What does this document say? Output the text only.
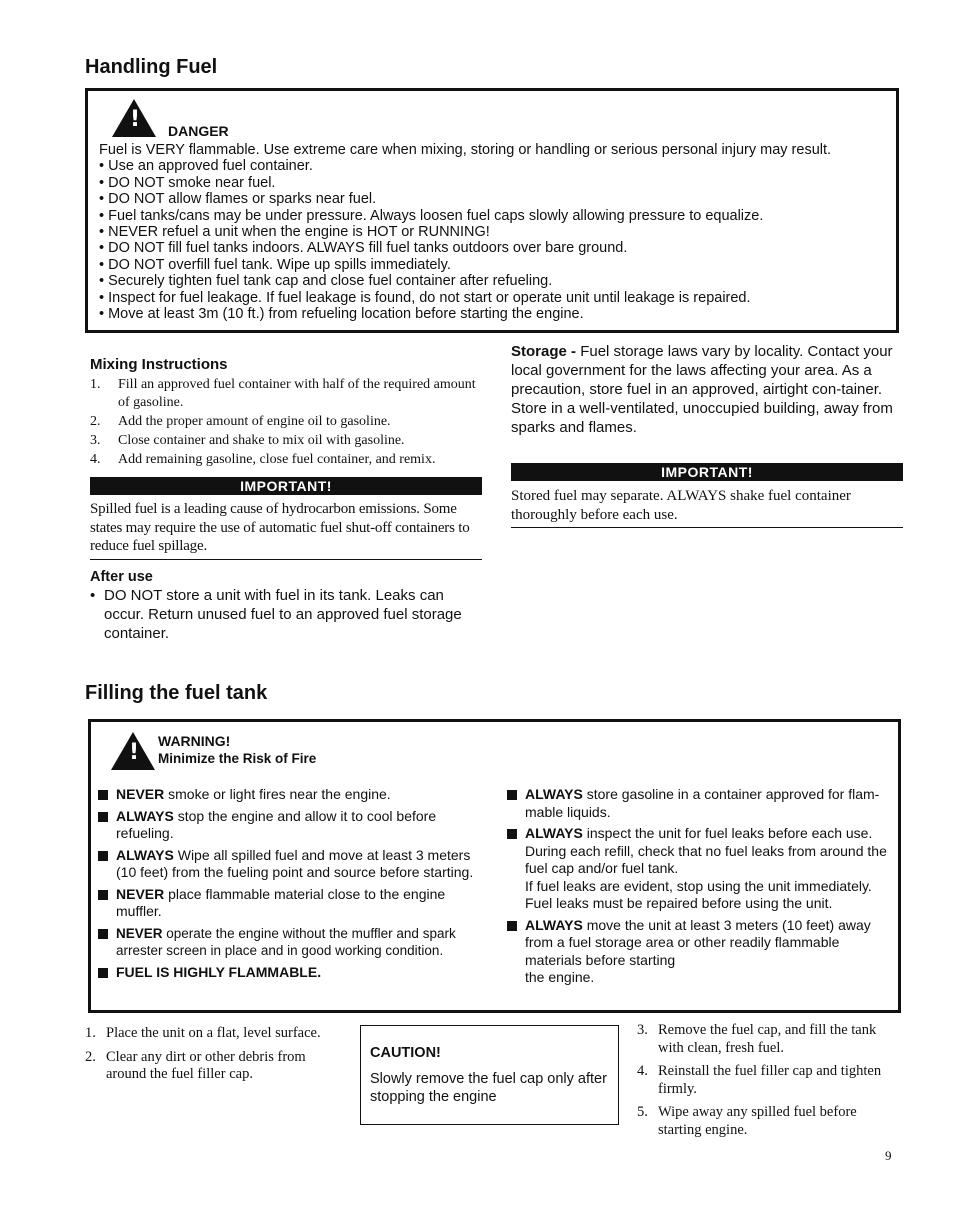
Handling Fuel
! DANGER
Fuel is VERY flammable. Use extreme care when mixing, storing or handling or serious personal injury may result.
• Use an approved fuel container.
• DO NOT smoke near fuel.
• DO NOT allow flames or sparks near fuel.
• Fuel tanks/cans may be under pressure. Always loosen fuel caps slowly allowing pressure to equalize.
• NEVER refuel a unit when the engine is HOT or RUNNING!
• DO NOT fill fuel tanks indoors. ALWAYS fill fuel tanks outdoors over bare ground.
• DO NOT overfill fuel tank. Wipe up spills immediately.
• Securely tighten fuel tank cap and close fuel container after refueling.
• Inspect for fuel leakage. If fuel leakage is found, do not start or operate unit until leakage is repaired.
• Move at least 3m (10 ft.) from refueling location before starting the engine.
Mixing Instructions
1. Fill an approved fuel container with half of the required amount of gasoline.
2. Add the proper amount of engine oil to gasoline.
3. Close container and shake to mix oil with gasoline.
4. Add remaining gasoline, close fuel container, and remix.
IMPORTANT!
Spilled fuel is a leading cause of hydrocarbon emissions. Some states may require the use of automatic fuel shut-off containers to reduce fuel spillage.
After use
• DO NOT store a unit with fuel in its tank. Leaks can occur. Return unused fuel to an approved fuel storage container.
Storage - Fuel storage laws vary by locality. Contact your local government for the laws affecting your area. As a precaution, store fuel in an approved, airtight con-tainer. Store in a well-ventilated, unoccupied building, away from sparks and flames.
IMPORTANT!
Stored fuel may separate. ALWAYS shake fuel container thoroughly before each use.
Filling the fuel tank
! WARNING!
Minimize the Risk of Fire
NEVER smoke or light fires near the engine.
ALWAYS stop the engine and allow it to cool before refueling.
ALWAYS Wipe all spilled fuel and move at least 3 meters (10 feet) from the fueling point and source before starting.
NEVER place flammable material close to the engine muffler.
NEVER operate the engine without the muffler and spark arrester screen in place and in good working condition.
FUEL IS HIGHLY FLAMMABLE.
ALWAYS store gasoline in a container approved for flam-mable liquids.
ALWAYS inspect the unit for fuel leaks before each use. During each refill, check that no fuel leaks from around the fuel cap and/or fuel tank.
If fuel leaks are evident, stop using the unit immediately. Fuel leaks must be repaired before using the unit.
ALWAYS move the unit at least 3 meters (10 feet) away from a fuel storage area or other readily flammable materials before starting
the engine.
1. Place the unit on a flat, level surface.
2. Clear any dirt or other debris from around the fuel filler cap.
CAUTION!
Slowly remove the fuel cap only after stopping the engine
3. Remove the fuel cap, and fill the tank with clean, fresh fuel.
4. Reinstall the fuel filler cap and tighten firmly.
5. Wipe away any spilled fuel before starting engine.
9
